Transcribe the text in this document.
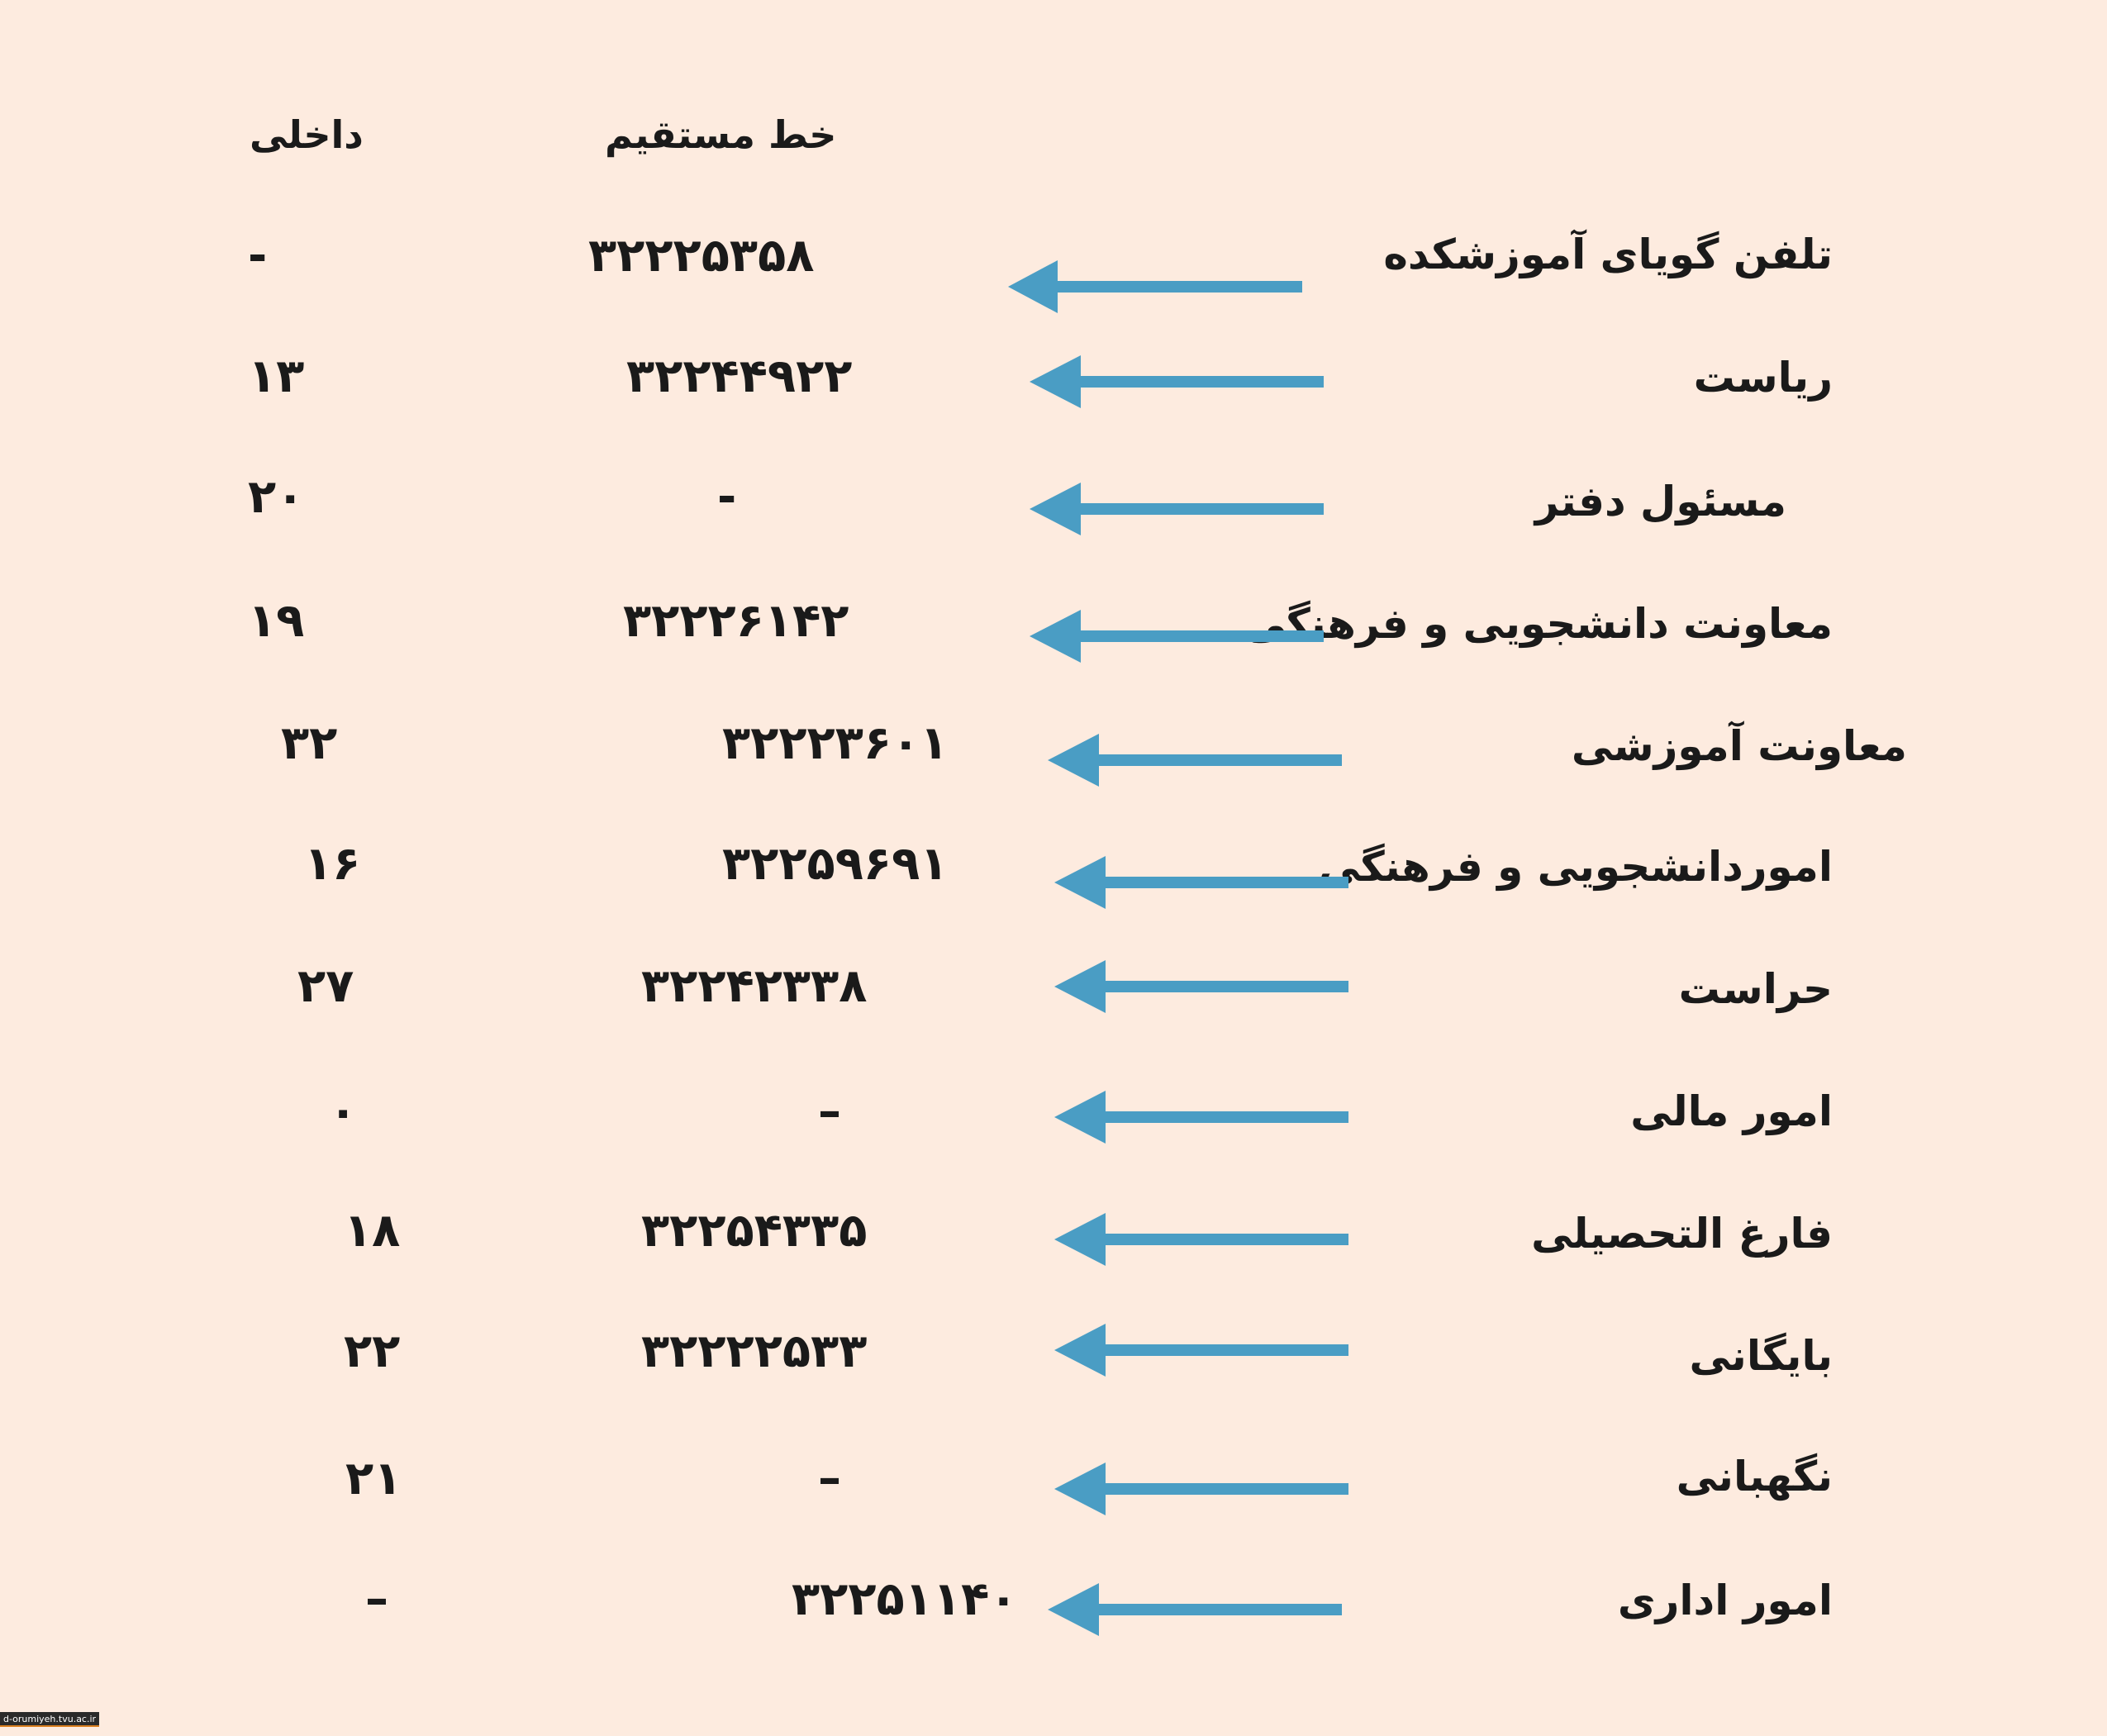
خط مستقیم
داخلی
تلفن گویای آموزشکده
۳۲۲۲۵۳۵۸
-
ریاست
۳۲۲۴۴۹۲۲
۱۳
مسئول دفتر
-
۲۰
معاونت دانشجویی و فرهنگی
۳۲۲۲۶۱۴۲
۱۹
معاونت آموزشی
۳۲۲۲۳۶۰۱
۳۲
اموردانشجویی و فرهنگی
۳۲۲۵۹۶۹۱
۱۶
حراست
۳۲۲۴۲۳۳۸
۲۷
امور مالی
–
۰
فارغ التحصیلی
۳۲۲۵۴۳۳۵
۱۸
بایگانی
۳۲۲۲۲۵۳۳
۲۲
نگهبانی
–
۲۱
امور اداری
۳۲۲۵۱۱۴۰
–
d-orumiyeh.tvu.ac.ir
